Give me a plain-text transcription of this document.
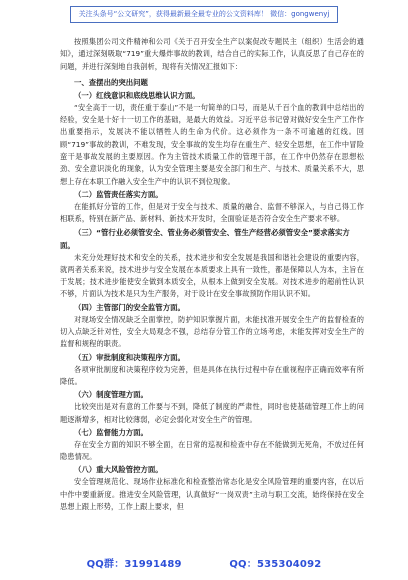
关注头条号“公文研究”，获得最新最全最专业的公文资料库！ 微信：gongwenyj

按照集团公司文件精神和公司《关于召开安全生产以案促改专题民主（组织）生活会的通知》，通过深刻吸取“719”重大爆炸事故的教训，结合自己的实际工作，认真反思了自己存在的问题，并进行深刻地自我剖析，现将有关情况汇报如下：

一、查摆出的突出问题

（一）红线意识和底线思维认识方面。

“安全高于一切，责任重于泰山”不是一句简单的口号，而是从千百个血的教训中总结出的经验，安全是十好十一切工作的基础，是最大的效益。习近平总书记曾对做好安全生产工作作出重要指示，发展决不能以牺牲人的生命为代价。这必须作为一条不可逾越的红线。回顾“719”事故的教训，不难发现，安全事故的发生均存在重生产、轻安全思想，在工作中冒险蛮干是事故发展的主要原因。作为主管技术质量工作的管理干部，在工作中仍然存在思想松劲、安全意识淡化的现象，认为安全管理主要是安全部门和生产、与技术、质量关系不大，思想上存在本职工作融入安全生产中的认识不到位现象。

（二）监管责任落实方面。

在能抓好分管的工作，但是对于安全与技术、质量的融合、监督不够深入，与自己得工作相联系，特别在新产品、新材料、新技术开发时，全面验证是否符合安全生产要求不够。

（三）“管行业必须管安全、管业务必须管安全、管生产经营必须管安全”要求落实方面。

未充分处理好技术和安全的关系，技术进步和安全发展是我国和谐社会建设的重要内容，就两者关系来说，技术进步与安全发展在本质要求上具有一致性，都是保障以人为本，主旨在于发展；技术进步能使安全做到本质安全，从根本上做到安全发展。对技术进步的超前性认识不够，片面认为技术是只为生产服务，对于设计在安全事故预防作用认识不知。

（四）主管部门的安全监管方面。

对现场安全情况缺乏全面掌控，防护知识掌握片面，未能找准开展安全生产的监督检查的切入点缺乏针对性，安全大局观念不强，总结存分管工作的立场考虑，未能发挥对安全生产的监督和规程的职责。

（五）审批制度和决策程序方面。

各项审批制度和决策程序较为完善，但是具体在执行过程中存在重视程序正确而效率有所降低。

（六）制度管理方面。

比较突出是对有意的工作要与不到，降低了制度的严肃性，同时也使基础管理工作上的问题逐渐增多，相对比较薄弱，必定会弱化对安全生产的管理。

（七）监督能力方面。

存在安全方面的知识不够全面，在日常的巡视和检查中存在不能做到无死角，不放过任何隐患情况。

（八）重大风险管控方面。

安全管理规范化、现场作业标准化和检查整治常态化是安全风险管理的重要内容，在以后中作中要重新度。推进安全风险管理，认真做好“一岗双责”主动与职工交流，始终保持在安全思想上跟上形势，工作上跟上要求，但

QQ群：31991489	QQ：535304092
